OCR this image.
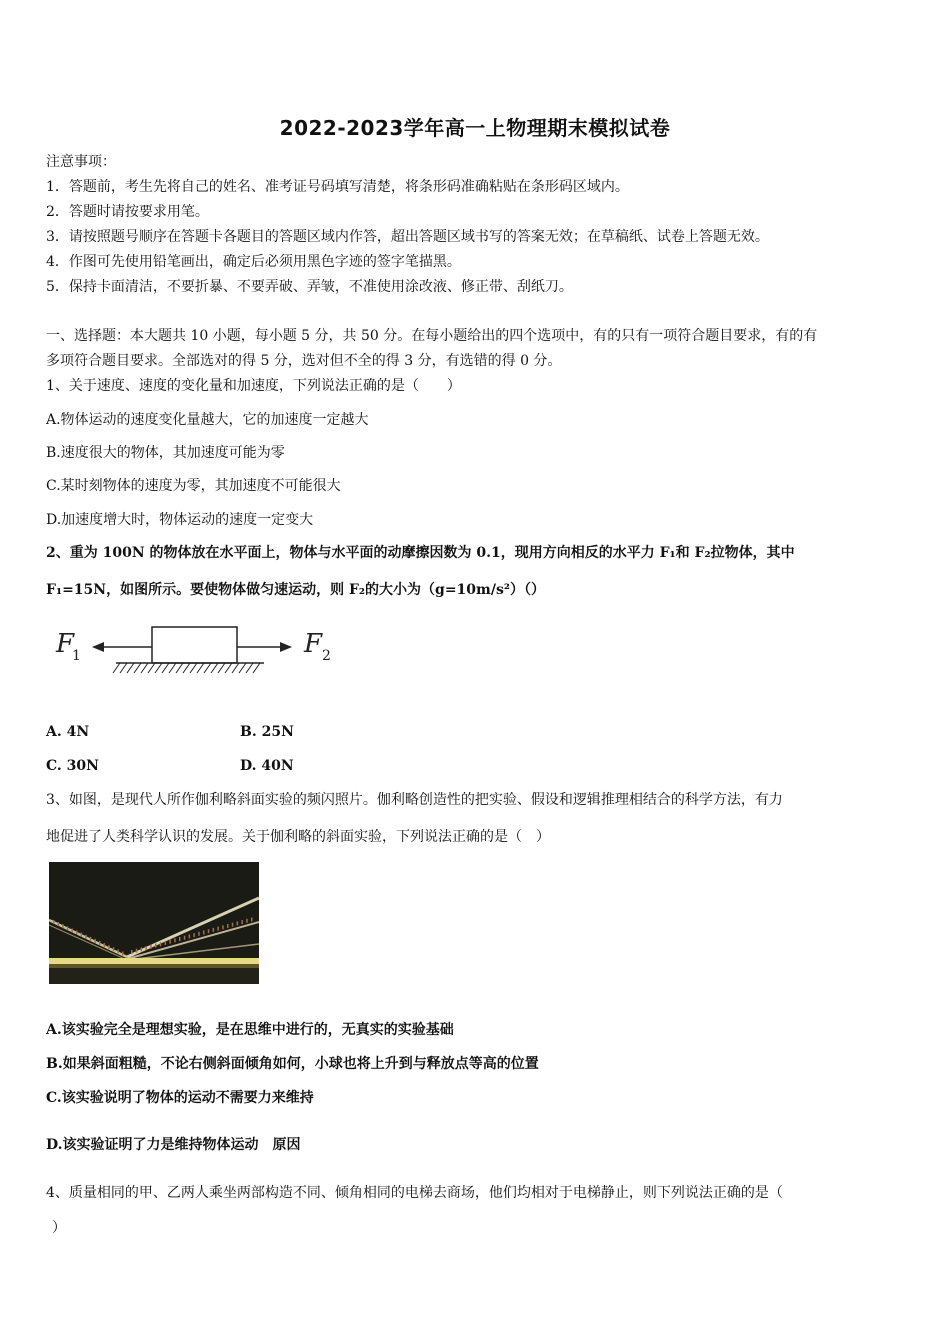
2022-2023学年高一上物理期末模拟试卷
注意事项：
1．答题前，考生先将自己的姓名、准考证号码填写清楚，将条形码准确粘贴在条形码区域内。
2．答题时请按要求用笔。
3．请按照题号顺序在答题卡各题目的答题区域内作答，超出答题区域书写的答案无效；在草稿纸、试卷上答题无效。
4．作图可先使用铅笔画出，确定后必须用黑色字迹的签字笔描黑。
5．保持卡面清洁，不要折暴、不要弄破、弄皱，不准使用涂改液、修正带、刮纸刀。
一、选择题：本大题共 10 小题，每小题 5 分，共 50 分。在每小题给出的四个选项中，有的只有一项符合题目要求，有的有
多项符合题目要求。全部选对的得 5 分，选对但不全的得 3 分，有选错的得 0 分。
1、关于速度、速度的变化量和加速度，下列说法正确的是（　　）
A.物体运动的速度变化量越大，它的加速度一定越大
B.速度很大的物体，其加速度可能为零
C.某时刻物体的速度为零，其加速度不可能很大
D.加速度增大时，物体运动的速度一定变大
2、重为 100N 的物体放在水平面上，物体与水平面的动摩擦因数为 0.1，现用方向相反的水平力 F₁和 F₂拉物体，其中
F₁=15N，如图所示。要使物体做匀速运动，则 F₂的大小为（g=10m/s²）（）
F
1	F 2
A. 4N	B. 25N
C. 30N	D. 40N
3、如图，是现代人所作伽利略斜面实验的频闪照片。伽利略创造性的把实验、假设和逻辑推理相结合的科学方法，有力
地促进了人类科学认识的发展。关于伽利略的斜面实验，下列说法正确的是（　）
A.该实验完全是理想实验，是在思维中进行的，无真实的实验基础
B.如果斜面粗糙，不论右侧斜面倾角如何，小球也将上升到与释放点等高的位置
C.该实验说明了物体的运动不需要力来维持
D.该实验证明了力是维持物体运动　原因
4、质量相同的甲、乙两人乘坐两部构造不同、倾角相同的电梯去商场，他们均相对于电梯静止，则下列说法正确的是（
）
